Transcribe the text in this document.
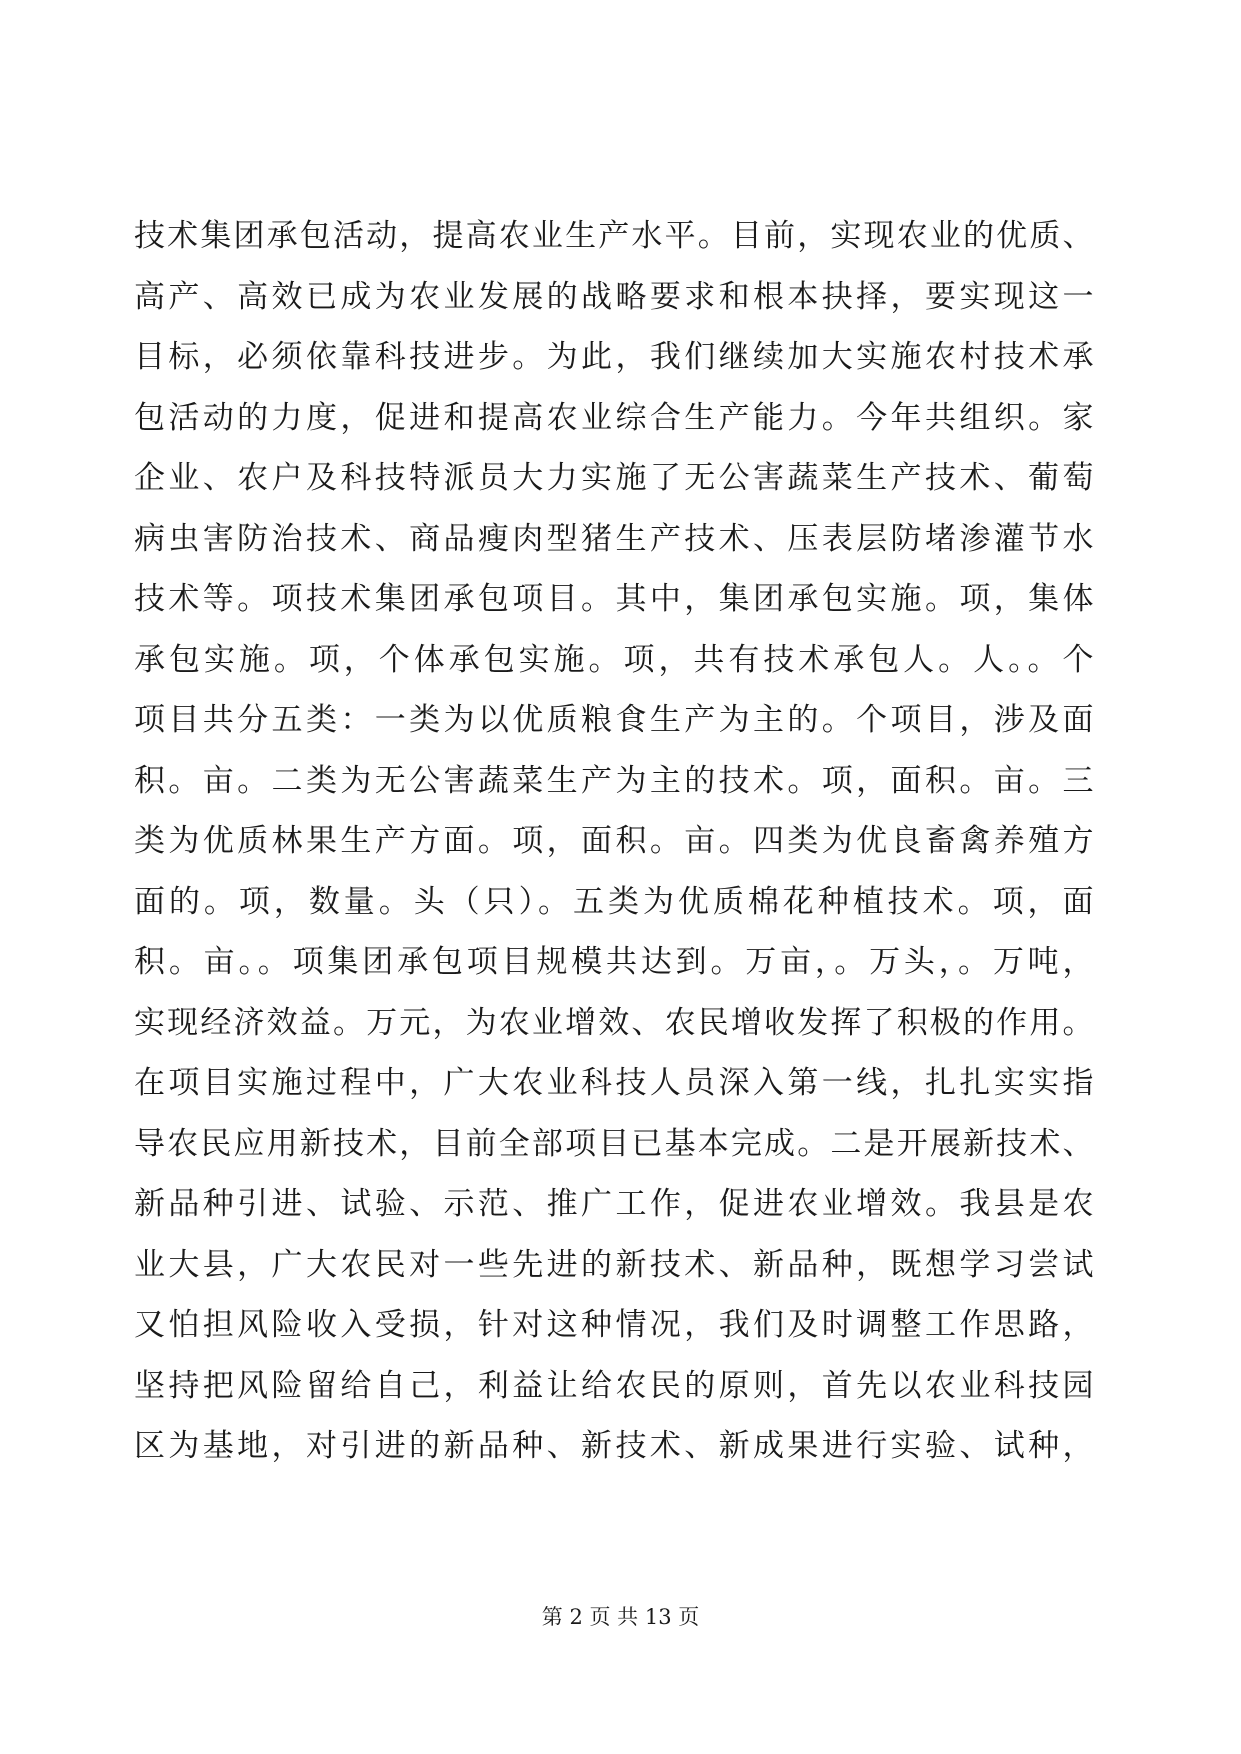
技术集团承包活动，提高农业生产水平。目前，实现农业的优质、
高产、高效已成为农业发展的战略要求和根本抉择，要实现这一
目标，必须依靠科技进步。为此，我们继续加大实施农村技术承
包活动的力度，促进和提高农业综合生产能力。今年共组织。家
企业、农户及科技特派员大力实施了无公害蔬菜生产技术、葡萄
病虫害防治技术、商品瘦肉型猪生产技术、压表层防堵渗灌节水
技术等。项技术集团承包项目。其中，集团承包实施。项，集体
承包实施。项，个体承包实施。项，共有技术承包人。人。。个
项目共分五类：一类为以优质粮食生产为主的。个项目，涉及面
积。亩。二类为无公害蔬菜生产为主的技术。项，面积。亩。三
类为优质林果生产方面。项，面积。亩。四类为优良畜禽养殖方
面的。项，数量。头（只）。五类为优质棉花种植技术。项，面
积。亩。。项集团承包项目规模共达到。万亩，。万头，。万吨，
实现经济效益。万元，为农业增效、农民增收发挥了积极的作用。
在项目实施过程中，广大农业科技人员深入第一线，扎扎实实指
导农民应用新技术，目前全部项目已基本完成。二是开展新技术、
新品种引进、试验、示范、推广工作，促进农业增效。我县是农
业大县，广大农民对一些先进的新技术、新品种，既想学习尝试
又怕担风险收入受损，针对这种情况，我们及时调整工作思路，
坚持把风险留给自己，利益让给农民的原则，首先以农业科技园
区为基地，对引进的新品种、新技术、新成果进行实验、试种，
第 2 页 共 13 页
